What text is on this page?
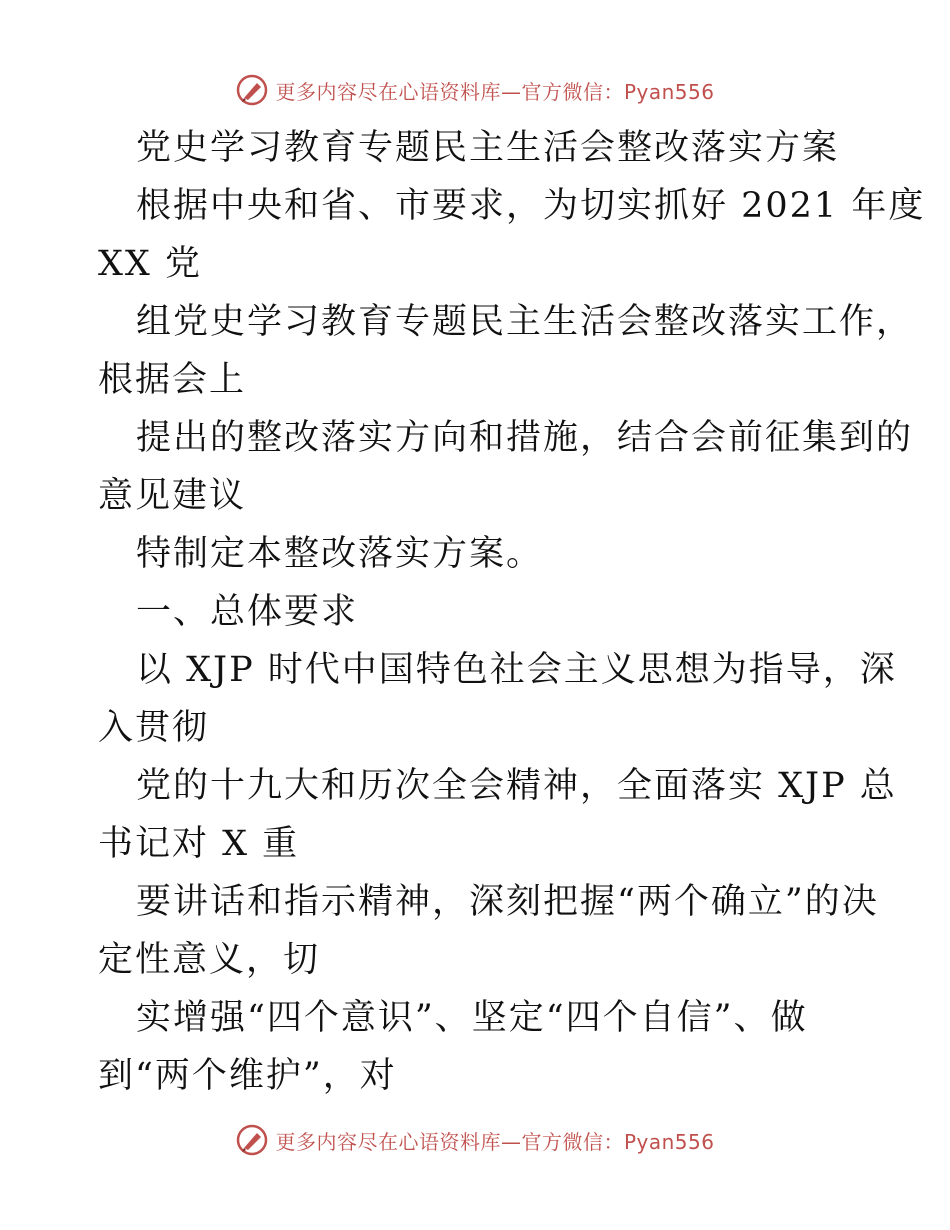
更多内容尽在心语资料库—官方微信：Pyan556
党史学习教育专题民主生活会整改落实方案
根据中央和省、市要求，为切实抓好 2021 年度
XX 党
组党史学习教育专题民主生活会整改落实工作，
根据会上
提出的整改落实方向和措施，结合会前征集到的
意见建议
特制定本整改落实方案。
一、总体要求
以 XJP 时代中国特色社会主义思想为指导，深
入贯彻
党的十九大和历次全会精神，全面落实 XJP 总
书记对 X 重
要讲话和指示精神，深刻把握“两个确立”的决
定性意义，切
实增强“四个意识”、坚定“四个自信”、做
到“两个维护”，对
更多内容尽在心语资料库—官方微信：Pyan556
